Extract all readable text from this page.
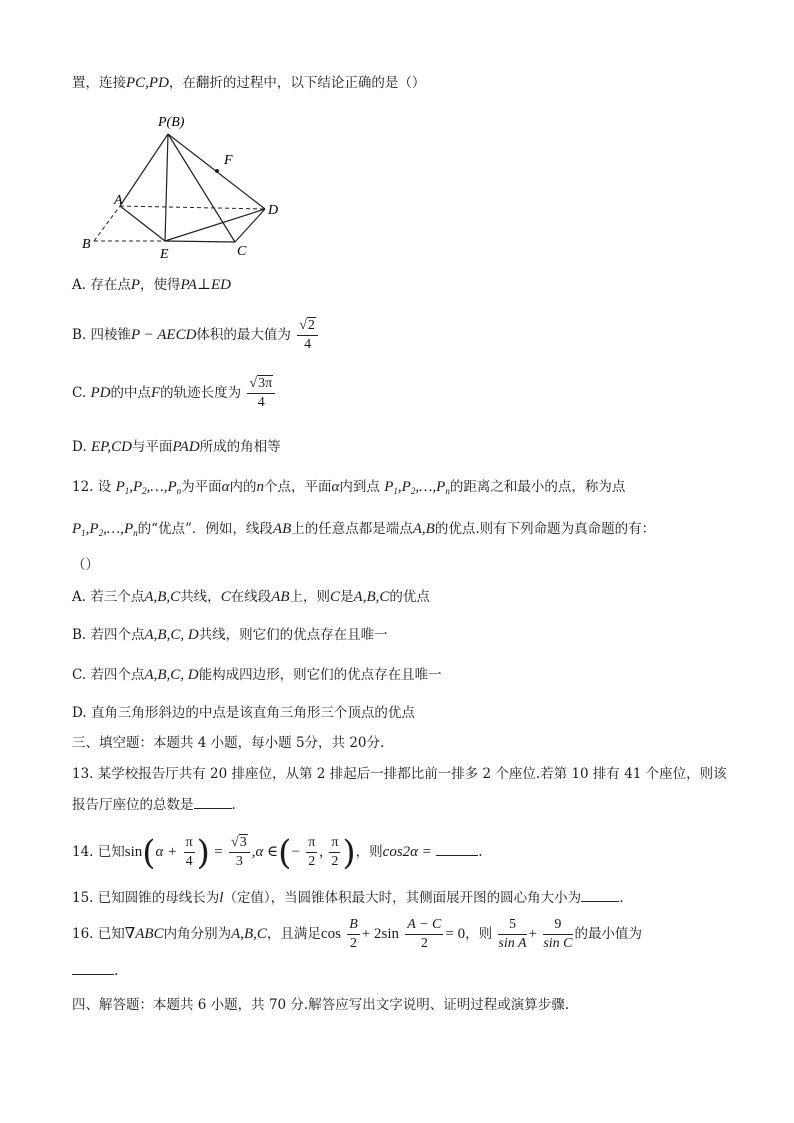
置，连接PC,PD，在翻折的过程中，以下结论正确的是（）
P(B)
F
A
D
B
E	C
A. 存在点P，使得PA⊥ED
B. 四棱锥P − AECD体积的最大值为 $\frac{√2}{4}$
C. PD的中点F的轨迹长度为 $\frac{√3\pi}{4}$
D. EP,CD与平面PAD所成的角相等
12. 设 $P_1,P_2,\dots,P_n$为平面α内的n个点，平面α内到点 $P_1,P_2,\dots,P_n$的距离之和最小的点，称为点
$P_1,P_2,\dots,P_n$的“优点”．例如，线段AB上的任意点都是端点A,B的优点.则有下列命题为真命题的有：
（）
A. 若三个点A,B,C共线，C在线段AB上，则C是A,B,C的优点
B. 若四个点A,B,C, D共线，则它们的优点存在且唯一
C. 若四个点A,B,C, D能构成四边形，则它们的优点存在且唯一
D. 直角三角形斜边的中点是该直角三角形三个顶点的优点
三、填空题：本题共 4 小题，每小题 5分，共 20分.
13. 某学校报告厅共有 20 排座位，从第 2 排起后一排都比前一排多 2 个座位.若第 10 排有 41 个座位，则该
报告厅座位的总数是	.
14. 已知$\sin(\alpha + \frac{\pi}{4}$ ) = $\frac{√3}{3} ,\alpha$ ∈(− $\frac{\pi}{2}$ , $\frac{\pi}{2}$ )，则cos2α =	.
15. 已知圆锥的母线长为l（定值），当圆锥体积最大时，其侧面展开图的圆心角大小为	.
16. 已知∇ABC内角分别为A,B,C，且满足$\cos \frac{B}{2} + 2\sin \frac{A - C}{2} = 0$，则 $\frac{5}{\text{sin A}} + \frac{9}{\text{sin C}}$ 的最小值为
.
四、解答题：本题共 6 小题，共 70 分.解答应写出文字说明、证明过程或演算步骤.
